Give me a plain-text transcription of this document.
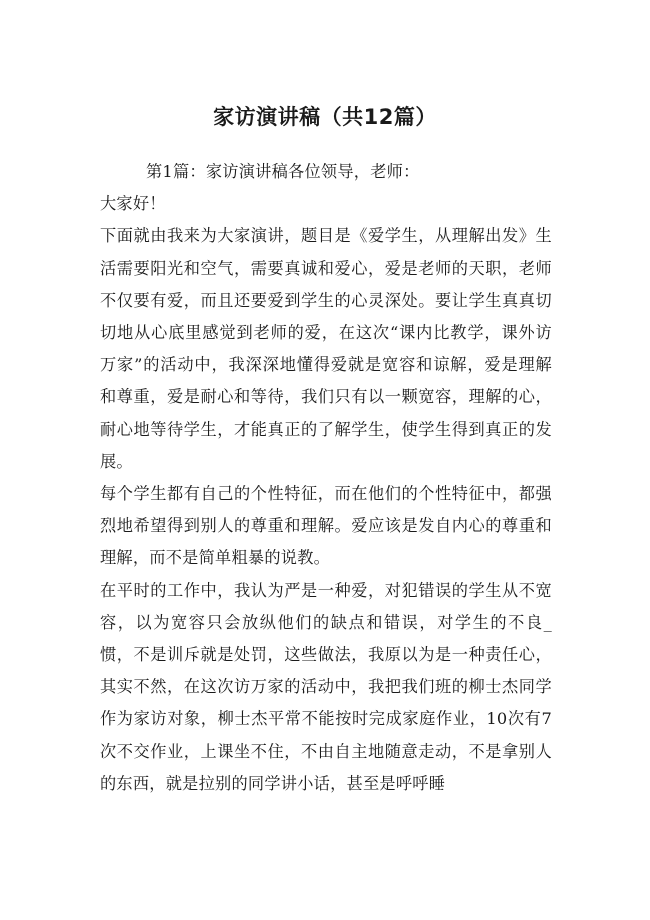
家访演讲稿（共12篇）

第1篇：家访演讲稿各位领导，老师：

大家好！

下面就由我来为大家演讲，题目是《爱学生，从理解出发》生活需要阳光和空气，需要真诚和爱心，爱是老师的天职，老师不仅要有爱，而且还要爱到学生的心灵深处。要让学生真真切切地从心底里感觉到老师的爱，在这次“课内比教学，课外访万家”的活动中，我深深地懂得爱就是宽容和谅解，爱是理解和尊重，爱是耐心和等待，我们只有以一颗宽容，理解的心，耐心地等待学生，才能真正的了解学生，使学生得到真正的发展。

每个学生都有自己的个性特征，而在他们的个性特征中，都强烈地希望得到别人的尊重和理解。爱应该是发自内心的尊重和理解，而不是简单粗暴的说教。

在平时的工作中，我认为严是一种爱，对犯错误的学生从不宽容，以为宽容只会放纵他们的缺点和错误，对学生的不良_惯，不是训斥就是处罚，这些做法，我原以为是一种责任心，其实不然，在这次访万家的活动中，我把我们班的柳士杰同学作为家访对象，柳士杰平常不能按时完成家庭作业，10次有7次不交作业，上课坐不住，不由自主地随意走动，不是拿别人的东西，就是拉别的同学讲小话，甚至是呼呼睡
